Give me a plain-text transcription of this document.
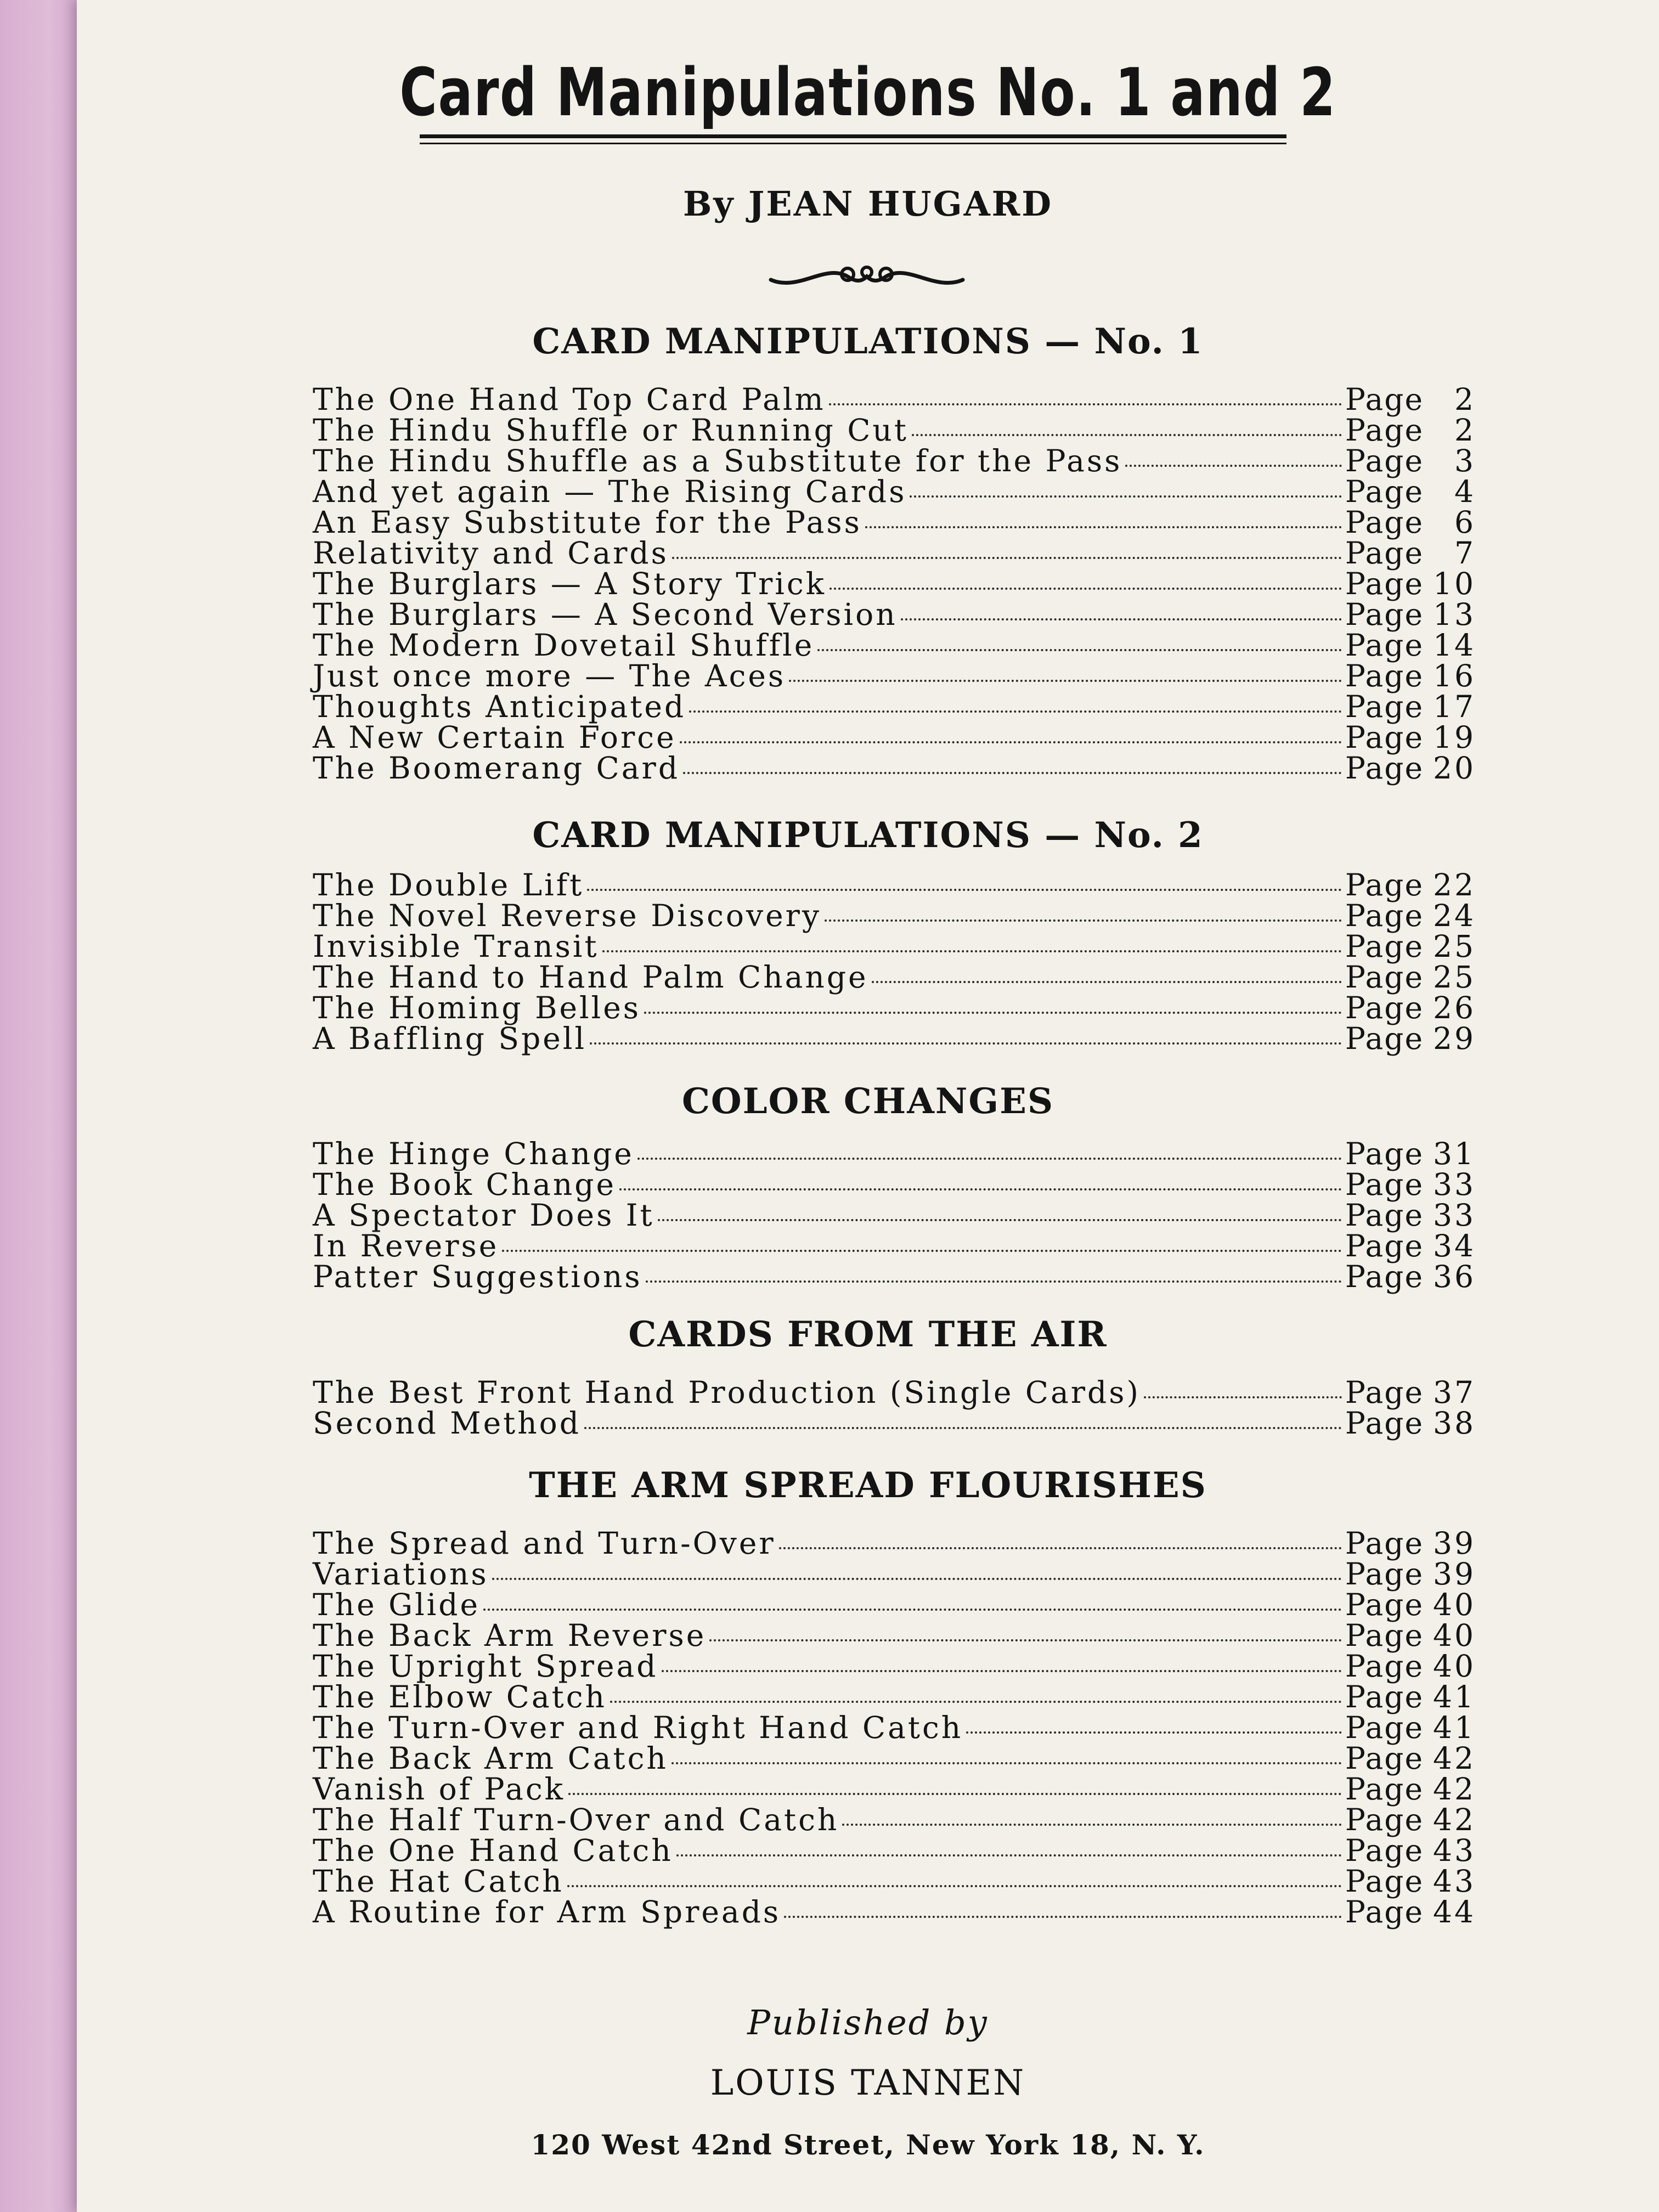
Card Manipulations No. 1 and 2
By JEAN HUGARD
CARD MANIPULATIONS — No. 1
The One Hand Top Card Palm	Page	2
The Hindu Shuffle or Running Cut	Page	2
The Hindu Shuffle as a Substitute for the Pass	Page	3
And yet again — The Rising Cards	Page	4
An Easy Substitute for the Pass	Page	6
Relativity and Cards	Page	7
The Burglars — A Story Trick	Page 10
The Burglars — A Second Version	Page 13
The Modern Dovetail Shuffle	Page 14
Just once more — The Aces	Page 16
Thoughts Anticipated	Page 17
A New Certain Force	Page 19
The Boomerang Card	Page 20
CARD MANIPULATIONS — No. 2
The Double Lift	Page 22
The Novel Reverse Discovery	Page 24
Invisible Transit	Page 25
The Hand to Hand Palm Change	Page 25
The Homing Belles	Page 26
A Baffling Spell	Page 29
COLOR CHANGES
The Hinge Change	Page 31
The Book Change	Page 33
A Spectator Does It	Page 33
In Reverse	Page 34
Patter Suggestions	Page 36
CARDS FROM THE AIR
The Best Front Hand Production (Single Cards)	Page 37
Second Method	Page 38
THE ARM SPREAD FLOURISHES
The Spread and Turn-Over	Page 39
Variations	Page 39
The Glide	Page 40
The Back Arm Reverse	Page 40
The Upright Spread	Page 40
The Elbow Catch	Page 41
The Turn-Over and Right Hand Catch	Page 41
The Back Arm Catch	Page 42
Vanish of Pack	Page 42
The Half Turn-Over and Catch	Page 42
The One Hand Catch	Page 43
The Hat Catch	Page 43
A Routine for Arm Spreads	Page 44
Published by
LOUIS TANNEN
120 West 42nd Street, New York 18, N. Y.
